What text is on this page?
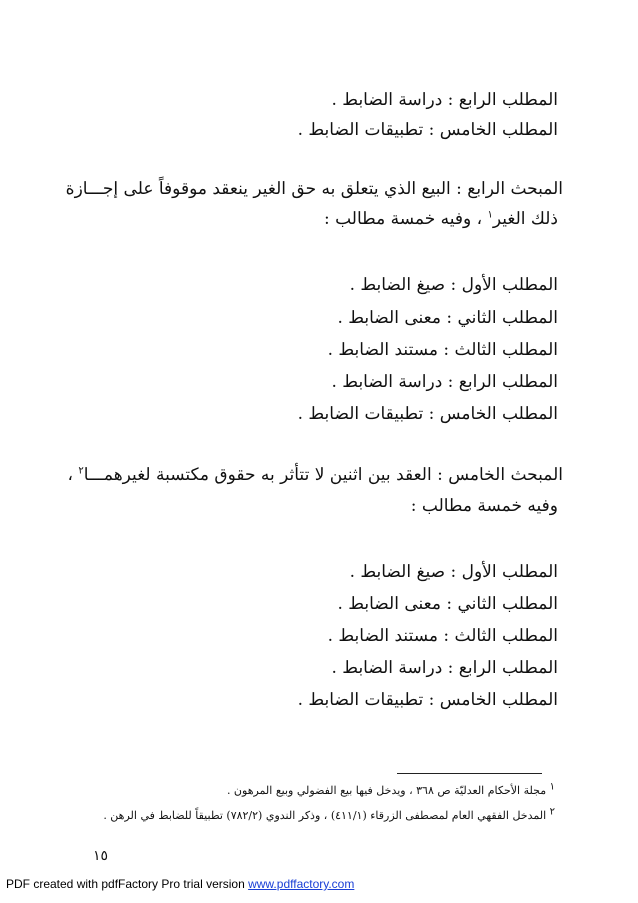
المطلب الرابع : دراسة الضابط .
المطلب الخامس : تطبيقات الضابط .
المبحث الرابع : البيع الذي يتعلق به حق الغير ينعقد موقوفاً على إجـــازة
ذلك الغير$^١$ ، وفيه خمسة مطالب :
المطلب الأول : صيغ الضابط .
المطلب الثاني : معنى الضابط .
المطلب الثالث : مستند الضابط .
المطلب الرابع : دراسة الضابط .
المطلب الخامس : تطبيقات الضابط .
المبحث الخامس : العقد بين اثنين لا تتأثر به حقوق مكتسبة لغيرهمـــا$^٢$ ،
وفيه خمسة مطالب :
المطلب الأول : صيغ الضابط .
المطلب الثاني : معنى الضابط .
المطلب الثالث : مستند الضابط .
المطلب الرابع : دراسة الضابط .
المطلب الخامس : تطبيقات الضابط .
$^١$ مجلة الأحكام العدليّة ص ٣٦٨ ، ويدخل فيها بيع الفضولي وبيع المرهون .
$^٢$ المدخل الفقهي العام لمصطفى الزرقاء (٤١١/١) ، وذكر الندوي (٧٨٢/٢) تطبيقاً للضابط في الرهن .
١٥
PDF created with pdfFactory Pro trial version www.pdffactory.com
